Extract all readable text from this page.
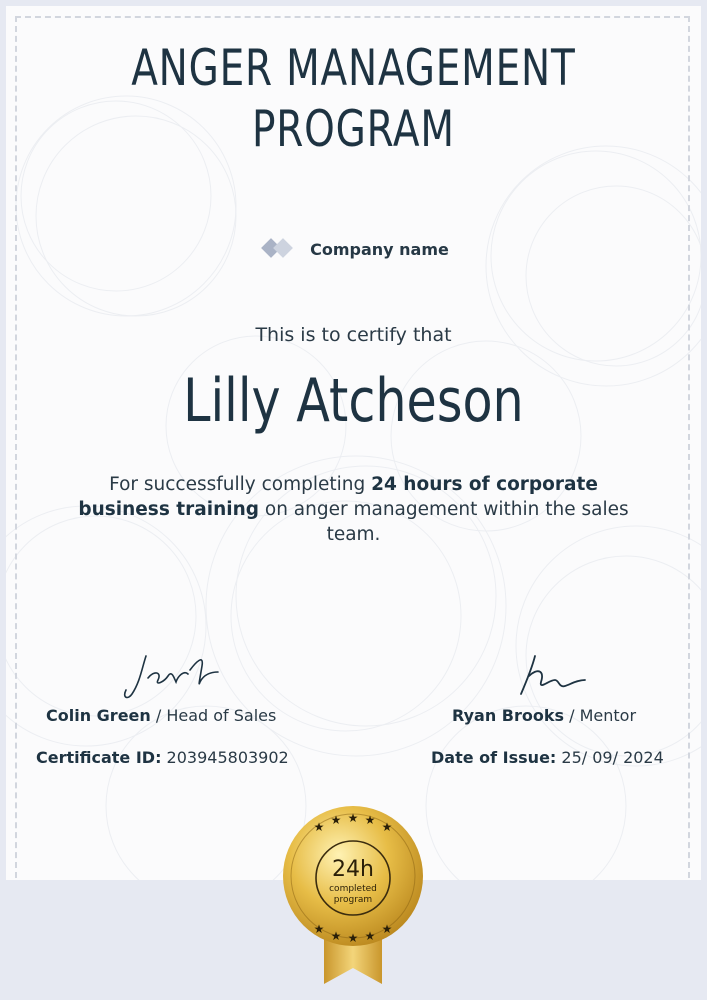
ANGER MANAGEMENT
PROGRAM
Company name
This is to certify that
Lilly Atcheson
For successfully completing 24 hours of corporate business training on anger management within the sales team.
Colin Green / Head of Sales	Ryan Brooks / Mentor
Certificate ID: 203945803902	Date of Issue: 25/ 09/ 2024
★ ★ ★ ★ ★
★ ★ ★ ★ ★
24h
completed
program
